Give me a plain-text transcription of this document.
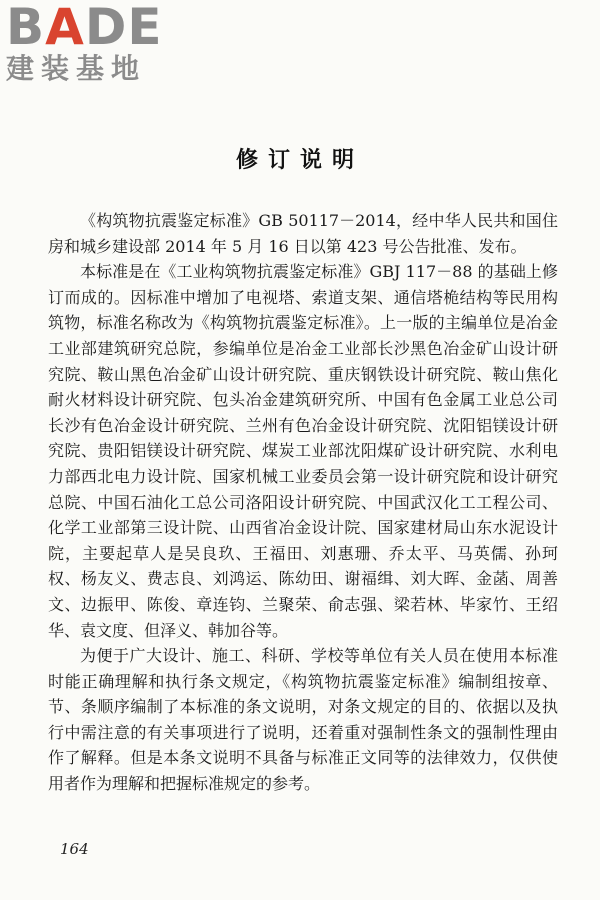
BADE
建装基地
修订说明

《构筑物抗震鉴定标准》GB 50117－2014，经中华人民共和国住房和城乡建设部 2014 年 5 月 16 日以第 423 号公告批准、发布。

本标准是在《工业构筑物抗震鉴定标准》GBJ 117－88 的基础上修订而成的。因标准中增加了电视塔、索道支架、通信塔桅结构等民用构筑物，标准名称改为《构筑物抗震鉴定标准》。上一版的主编单位是冶金工业部建筑研究总院，参编单位是冶金工业部长沙黑色冶金矿山设计研究院、鞍山黑色冶金矿山设计研究院、重庆钢铁设计研究院、鞍山焦化耐火材料设计研究院、包头冶金建筑研究所、中国有色金属工业总公司长沙有色冶金设计研究院、兰州有色冶金设计研究院、沈阳铝镁设计研究院、贵阳铝镁设计研究院、煤炭工业部沈阳煤矿设计研究院、水利电力部西北电力设计院、国家机械工业委员会第一设计研究院和设计研究总院、中国石油化工总公司洛阳设计研究院、中国武汉化工工程公司、化学工业部第三设计院、山西省冶金设计院、国家建材局山东水泥设计院，主要起草人是吴良玖、王福田、刘惠珊、乔太平、马英儒、孙珂权、杨友义、费志良、刘鸿运、陈幼田、谢福缉、刘大晖、金菡、周善文、边振甲、陈俊、章连钧、兰聚荣、俞志强、梁若林、毕家竹、王绍华、袁文度、但泽义、韩加谷等。

为便于广大设计、施工、科研、学校等单位有关人员在使用本标准时能正确理解和执行条文规定，《构筑物抗震鉴定标准》编制组按章、节、条顺序编制了本标准的条文说明，对条文规定的目的、依据以及执行中需注意的有关事项进行了说明，还着重对强制性条文的强制性理由作了解释。但是本条文说明不具备与标准正文同等的法律效力，仅供使用者作为理解和把握标准规定的参考。

164
